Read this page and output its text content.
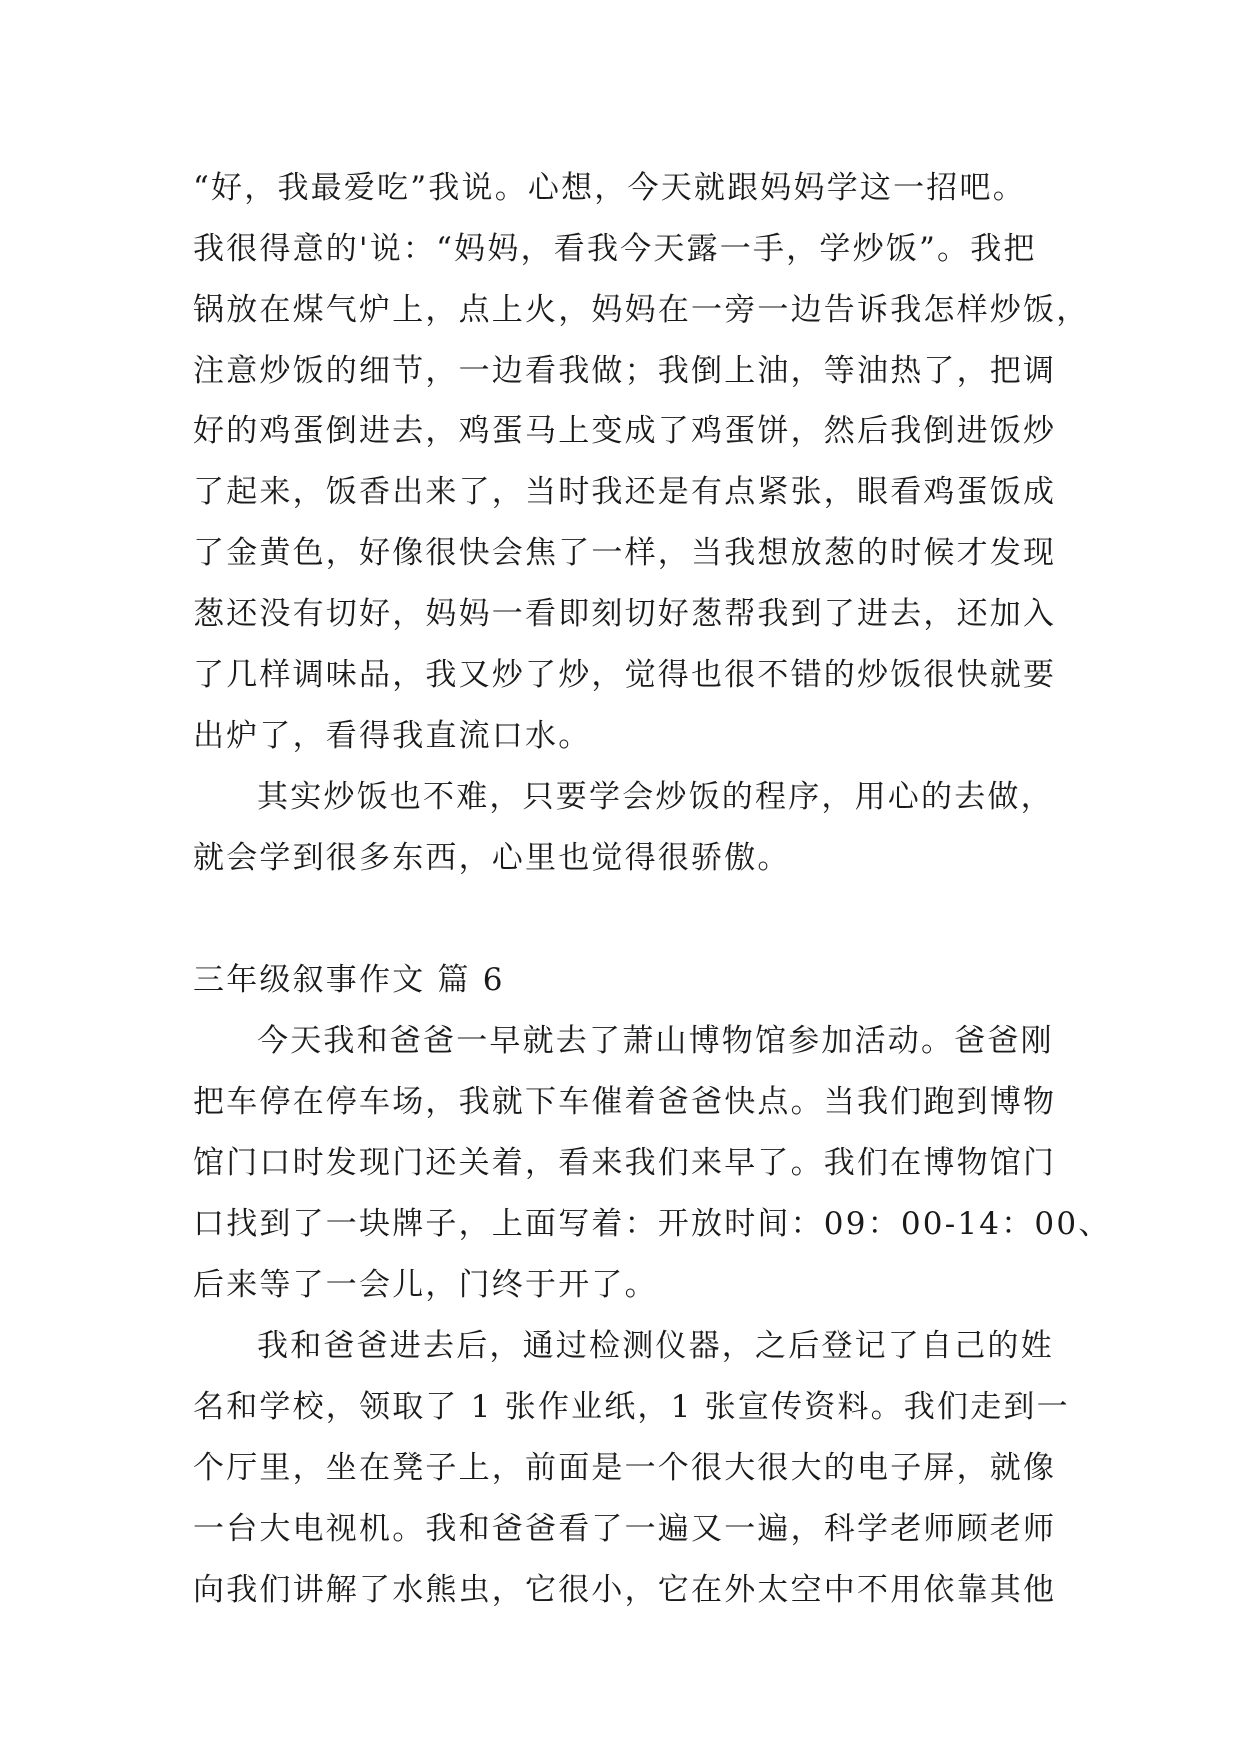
“好，我最爱吃”我说。心想，今天就跟妈妈学这一招吧。
我很得意的'说：“妈妈，看我今天露一手，学炒饭”。我把
锅放在煤气炉上，点上火，妈妈在一旁一边告诉我怎样炒饭，
注意炒饭的细节，一边看我做；我倒上油，等油热了，把调
好的鸡蛋倒进去，鸡蛋马上变成了鸡蛋饼，然后我倒进饭炒
了起来，饭香出来了，当时我还是有点紧张，眼看鸡蛋饭成
了金黄色，好像很快会焦了一样，当我想放葱的时候才发现
葱还没有切好，妈妈一看即刻切好葱帮我到了进去，还加入
了几样调味品，我又炒了炒，觉得也很不错的炒饭很快就要
出炉了，看得我直流口水。
其实炒饭也不难，只要学会炒饭的程序，用心的去做，
就会学到很多东西，心里也觉得很骄傲。
三年级叙事作文 篇 6
今天我和爸爸一早就去了萧山博物馆参加活动。爸爸刚
把车停在停车场，我就下车催着爸爸快点。当我们跑到博物
馆门口时发现门还关着，看来我们来早了。我们在博物馆门
口找到了一块牌子，上面写着：开放时间：09：00-14：00、
后来等了一会儿，门终于开了。
我和爸爸进去后，通过检测仪器，之后登记了自己的姓
名和学校，领取了 1 张作业纸，1 张宣传资料。我们走到一
个厅里，坐在凳子上，前面是一个很大很大的电子屏，就像
一台大电视机。我和爸爸看了一遍又一遍，科学老师顾老师
向我们讲解了水熊虫，它很小，它在外太空中不用依靠其他
